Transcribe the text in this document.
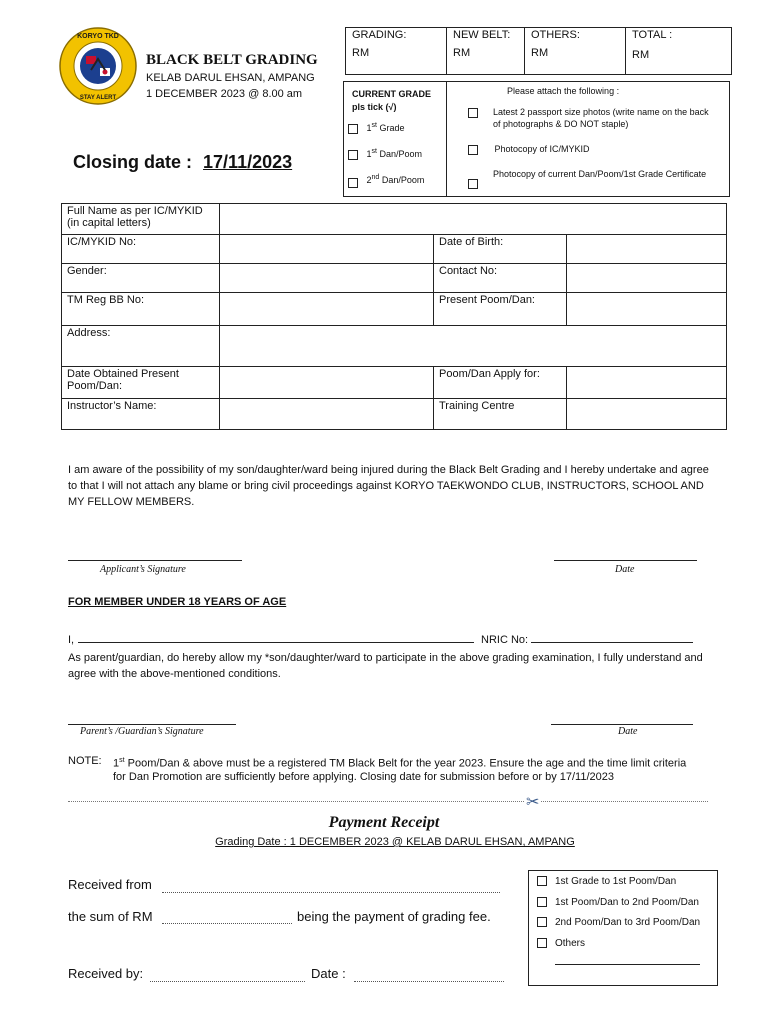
KORYO TKD
STAY ALERT
BLACK BELT GRADING
KELAB DARUL EHSAN, AMPANG
1 DECEMBER 2023 @ 8.00 am
GRADING:
RM
NEW BELT:
RM
OTHERS:
RM
TOTAL :
RM
CURRENT GRADE
pls tick (√)
1st Grade
1st Dan/Poom
2nd Dan/Poom
Please attach the following :
Latest 2 passport size photos (write name on the back of photographs & DO NOT staple)
Photocopy of IC/MYKID
Photocopy of current Dan/Poom/1st Grade Certificate
Closing date : 17/11/2023
Full Name as per IC/MYKID (in capital letters)			
IC/MYKID No:		Date of Birth:	
Gender:		Contact No:	
TM Reg BB No:		Present Poom/Dan:	
Address:			
Date Obtained Present Poom/Dan:		Poom/Dan Apply for:	
Instructor’s Name:		Training Centre	
I am aware of the possibility of my son/daughter/ward being injured during the Black Belt Grading and I hereby undertake and agree to that I will not attach any blame or bring civil proceedings against KORYO TAEKWONDO CLUB, INSTRUCTORS, SCHOOL AND MY FELLOW MEMBERS.
Applicant’s Signature	Date
FOR MEMBER UNDER 18 YEARS OF AGE
I,	NRIC No:
As parent/guardian, do hereby allow my *son/daughter/ward to participate in the above grading examination, I fully understand and agree with the above-mentioned conditions.
Parent’s /Guardian’s Signature	Date
NOTE: 1st Poom/Dan & above must be a registered TM Black Belt for the year 2023. Ensure the age and the time limit criteria
for Dan Promotion are sufficiently before applying. Closing date for submission before or by 17/11/2023
✂
Payment Receipt
Grading Date : 1 DECEMBER 2023 @ KELAB DARUL EHSAN, AMPANG
Received from
the sum of RM	being the payment of grading fee.
Received by:	Date :
1st Grade to 1st Poom/Dan
1st Poom/Dan to 2nd Poom/Dan
2nd Poom/Dan to 3rd Poom/Dan
Others
